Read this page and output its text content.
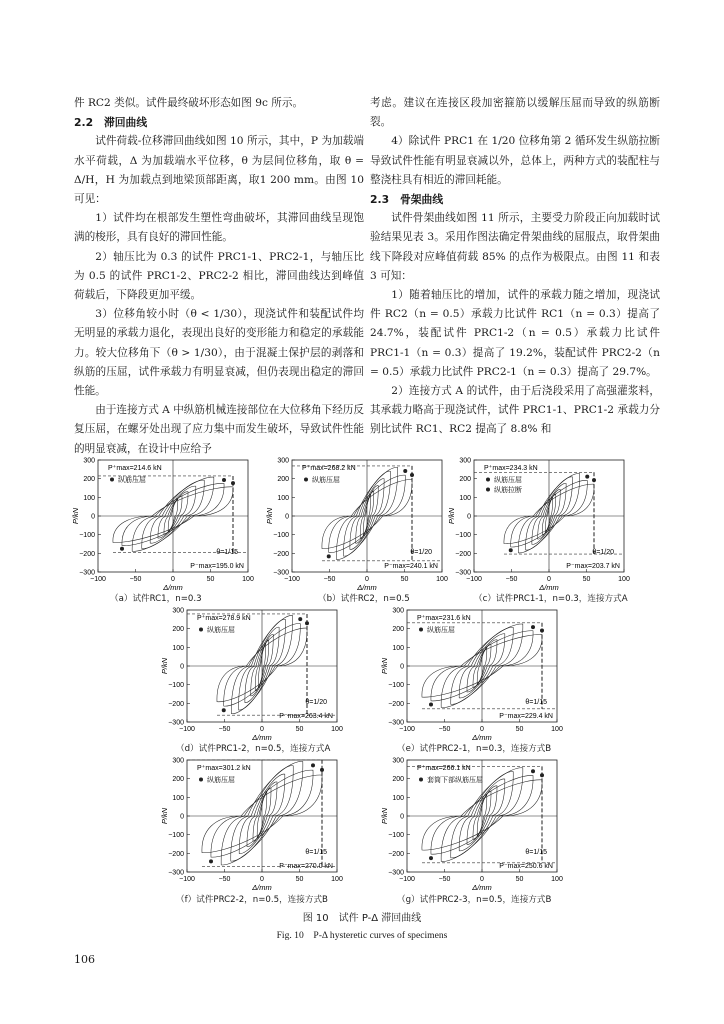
件 RC2 类似。试件最终破坏形态如图 9c 所示。

2.2 滞回曲线

试件荷载-位移滞回曲线如图 10 所示，其中，P 为加载端水平荷载，Δ 为加载端水平位移，θ 为层间位移角，取 θ = Δ/H，H 为加载点到地梁顶部距离，取1 200 mm。由图 10 可见：

1）试件均在根部发生塑性弯曲破坏，其滞回曲线呈现饱满的梭形，具有良好的滞回性能。

2）轴压比为 0.3 的试件 PRC1-1、PRC2-1，与轴压比为 0.5 的试件 PRC1-2、PRC2-2 相比，滞回曲线达到峰值荷载后，下降段更加平缓。

3）位移角较小时（θ < 1/30），现浇试件和装配试件均无明显的承载力退化，表现出良好的变形能力和稳定的承载能力。较大位移角下（θ > 1/30），由于混凝土保护层的剥落和纵筋的压屈，试件承载力有明显衰减，但仍表现出稳定的滞回性能。

由于连接方式 A 中纵筋机械连接部位在大位移角下经历反复压屈，在螺牙处出现了应力集中而发生破坏，导致试件性能的明显衰减，在设计中应给予

考虑。建议在连接区段加密箍筋以缓解压屈而导致的纵筋断裂。

4）除试件 PRC1 在 1/20 位移角第 2 循环发生纵筋拉断导致试件性能有明显衰减以外，总体上，两种方式的装配柱与整浇柱具有相近的滞回耗能。

2.3 骨架曲线

试件骨架曲线如图 11 所示，主要受力阶段正向加载时试验结果见表 3。采用作图法确定骨架曲线的屈服点，取骨架曲线下降段对应峰值荷载 85% 的点作为极限点。由图 11 和表 3 可知：

1）随着轴压比的增加，试件的承载力随之增加，现浇试件 RC2（n = 0.5）承载力比试件 RC1（n = 0.3）提高了 24.7%，装配试件 PRC1-2（n = 0.5）承载力比试件 PRC1-1（n = 0.3）提高了 19.2%，装配试件 PRC2-2（n = 0.5）承载力比试件 PRC2-1（n = 0.3）提高了 29.7%。

2）连接方式 A 的试件，由于后浇段采用了高强灌浆料，其承载力略高于现浇试件，试件 PRC1-1、PRC1-2 承载力分别比试件 RC1、RC2 提高了 8.8% 和

−100	−50	0	50	100
−300
−200
−100
0
100
200
300
Δ/mm
P/kN
P⁺max=214.6 kN
P⁻max=195.0 kN
θ=1/15
纵筋压屈
（a）试件RC1，n=0.3
−100	−50	0	50	100
−300
−200
−100
0
100
200
300
Δ/mm
P/kN
P⁺max=268.2 kN
P⁻max=240.1 kN
θ=1/20
纵筋压屈
（b）试件RC2，n=0.5
−100	−50	0	50	100
−300
−200
−100
0
100
200
300
Δ/mm
P/kN
P⁺max=234.3 kN
P⁻max=203.7 kN
θ=1/20
纵筋压屈
纵筋拉断
（c）试件PRC1-1，n=0.3，连接方式A
−100	−50	0	50	100
−300
−200
−100
0
100
200
300
Δ/mm
P/kN
P⁺max=278.9 kN
P⁻max=263.4 kN
θ=1/20
纵筋压屈
（d）试件PRC1-2，n=0.5，连接方式A
−100	−50	0	50	100
−300
−200
−100
0
100
200
300
Δ/mm
P/kN
P⁺max=231.6 kN
P⁻max=229.4 kN
θ=1/15
纵筋压屈
（e）试件PRC2-1，n=0.3，连接方式B
−100	−50	0	50	100
−300
−200
−100
0
100
200
300
Δ/mm
P/kN
P⁺max=301.2 kN
P⁻max=270.0 kN
θ=1/15
纵筋压屈
（f）试件PRC2-2，n=0.5，连接方式B
−100	−50	0	50	100
−300
−200
−100
0
100
200
300
Δ/mm
P/kN
P⁺max=266.1 kN
P⁻max=250.6 kN
θ=1/15
套筒下部纵筋压屈
（g）试件PRC2-3，n=0.5，连接方式B
图 10　试件 P-Δ 滞回曲线
Fig. 10　P-Δ hysteretic curves of specimens
106
